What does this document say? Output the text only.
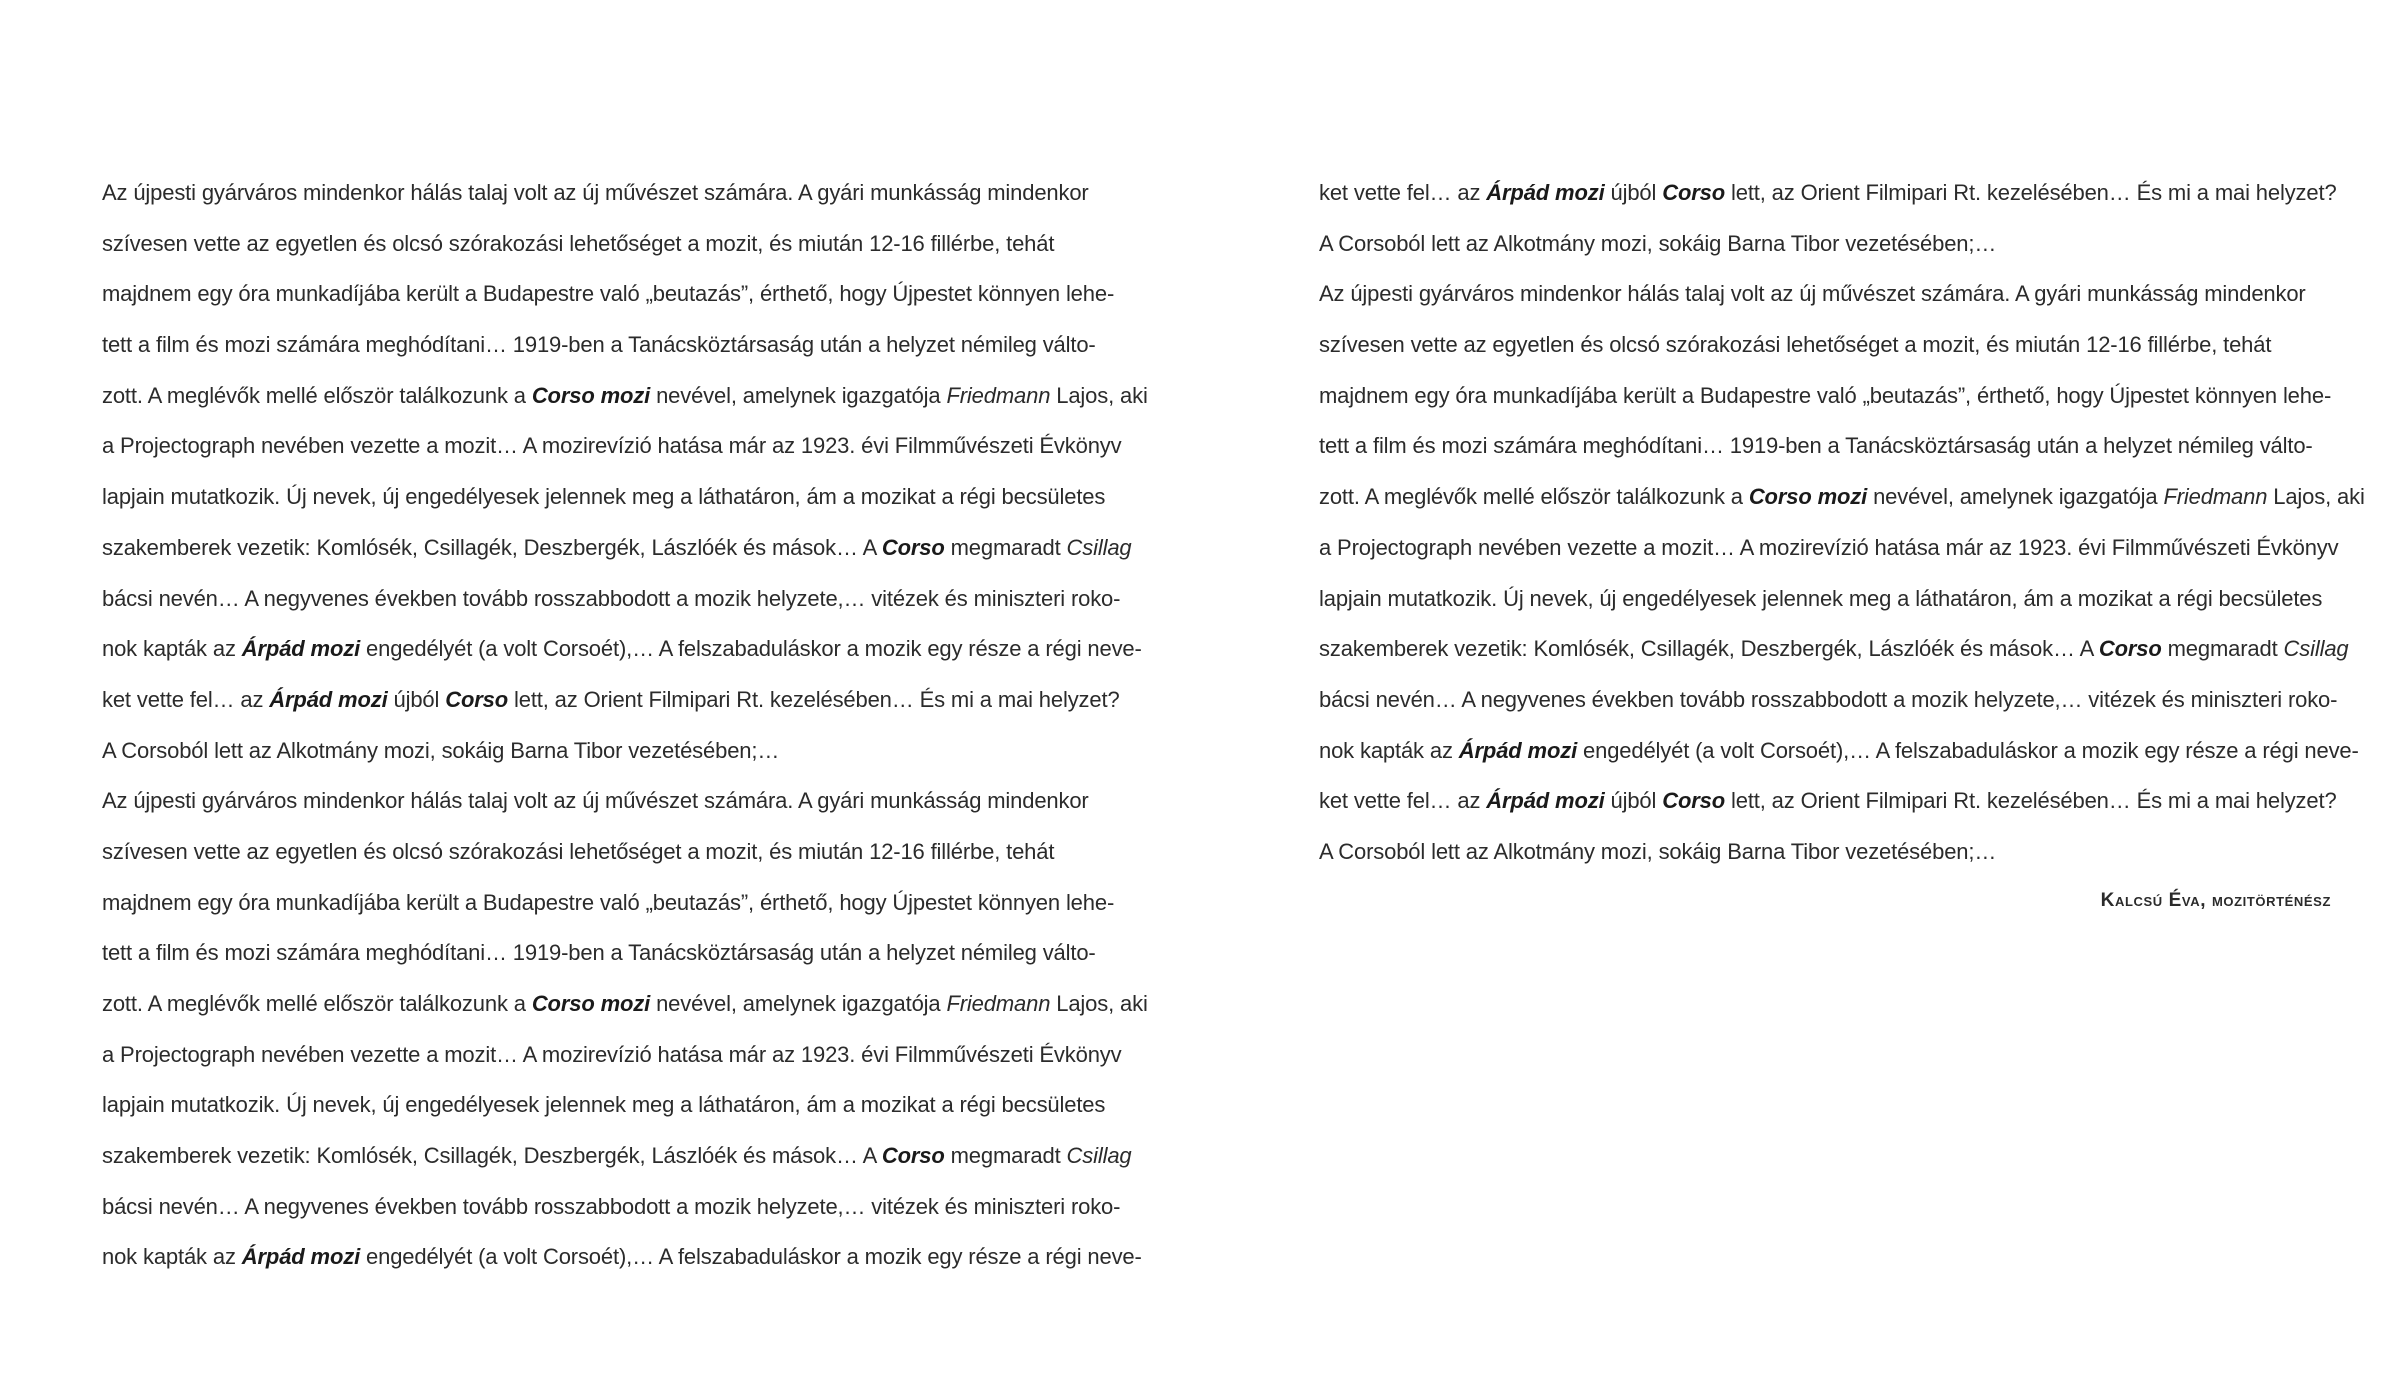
Az újpesti gyárváros mindenkor hálás talaj volt az új művészet számára. A gyári munkásság mindenkor
szívesen vette az egyetlen és olcsó szórakozási lehetőséget a mozit, és miután 12-16 fillérbe, tehát
majdnem egy óra munkadíjába került a Budapestre való „beutazás”, érthető, hogy Újpestet könnyen lehe-
tett a film és mozi számára meghódítani… 1919-ben a Tanácsköztársaság után a helyzet némileg válto-
zott. A meglévők mellé először találkozunk a Corso mozi nevével, amelynek igazgatója Friedmann Lajos, aki
a Projectograph nevében vezette a mozit… A mozirevízió hatása már az 1923. évi Filmművészeti Évkönyv
lapjain mutatkozik. Új nevek, új engedélyesek jelennek meg a láthatáron, ám a mozikat a régi becsületes
szakemberek vezetik: Komlósék, Csillagék, Deszbergék, Lászlóék és mások… A Corso megmaradt Csillag
bácsi nevén… A negyvenes években tovább rosszabbodott a mozik helyzete,… vitézek és miniszteri roko-
nok kapták az Árpád mozi engedélyét (a volt Corsoét),… A felszabaduláskor a mozik egy része a régi neve-
ket vette fel… az Árpád mozi újból Corso lett, az Orient Filmipari Rt. kezelésében… És mi a mai helyzet?
A Corsoból lett az Alkotmány mozi, sokáig Barna Tibor vezetésében;…
Az újpesti gyárváros mindenkor hálás talaj volt az új művészet számára. A gyári munkásság mindenkor
szívesen vette az egyetlen és olcsó szórakozási lehetőséget a mozit, és miután 12-16 fillérbe, tehát
majdnem egy óra munkadíjába került a Budapestre való „beutazás”, érthető, hogy Újpestet könnyen lehe-
tett a film és mozi számára meghódítani… 1919-ben a Tanácsköztársaság után a helyzet némileg válto-
zott. A meglévők mellé először találkozunk a Corso mozi nevével, amelynek igazgatója Friedmann Lajos, aki
a Projectograph nevében vezette a mozit… A mozirevízió hatása már az 1923. évi Filmművészeti Évkönyv
lapjain mutatkozik. Új nevek, új engedélyesek jelennek meg a láthatáron, ám a mozikat a régi becsületes
szakemberek vezetik: Komlósék, Csillagék, Deszbergék, Lászlóék és mások… A Corso megmaradt Csillag
bácsi nevén… A negyvenes években tovább rosszabbodott a mozik helyzete,… vitézek és miniszteri roko-
nok kapták az Árpád mozi engedélyét (a volt Corsoét),… A felszabaduláskor a mozik egy része a régi neve-
ket vette fel… az Árpád mozi újból Corso lett, az Orient Filmipari Rt. kezelésében… És mi a mai helyzet?
A Corsoból lett az Alkotmány mozi, sokáig Barna Tibor vezetésében;…
Az újpesti gyárváros mindenkor hálás talaj volt az új művészet számára. A gyári munkásság mindenkor
szívesen vette az egyetlen és olcsó szórakozási lehetőséget a mozit, és miután 12-16 fillérbe, tehát
majdnem egy óra munkadíjába került a Budapestre való „beutazás”, érthető, hogy Újpestet könnyen lehe-
tett a film és mozi számára meghódítani… 1919-ben a Tanácsköztársaság után a helyzet némileg válto-
zott. A meglévők mellé először találkozunk a Corso mozi nevével, amelynek igazgatója Friedmann Lajos, aki
a Projectograph nevében vezette a mozit… A mozirevízió hatása már az 1923. évi Filmművészeti Évkönyv
lapjain mutatkozik. Új nevek, új engedélyesek jelennek meg a láthatáron, ám a mozikat a régi becsületes
szakemberek vezetik: Komlósék, Csillagék, Deszbergék, Lászlóék és mások… A Corso megmaradt Csillag
bácsi nevén… A negyvenes években tovább rosszabbodott a mozik helyzete,… vitézek és miniszteri roko-
nok kapták az Árpád mozi engedélyét (a volt Corsoét),… A felszabaduláskor a mozik egy része a régi neve-
ket vette fel… az Árpád mozi újból Corso lett, az Orient Filmipari Rt. kezelésében… És mi a mai helyzet?
A Corsoból lett az Alkotmány mozi, sokáig Barna Tibor vezetésében;…
Kalcsú Éva, mozitörténész
